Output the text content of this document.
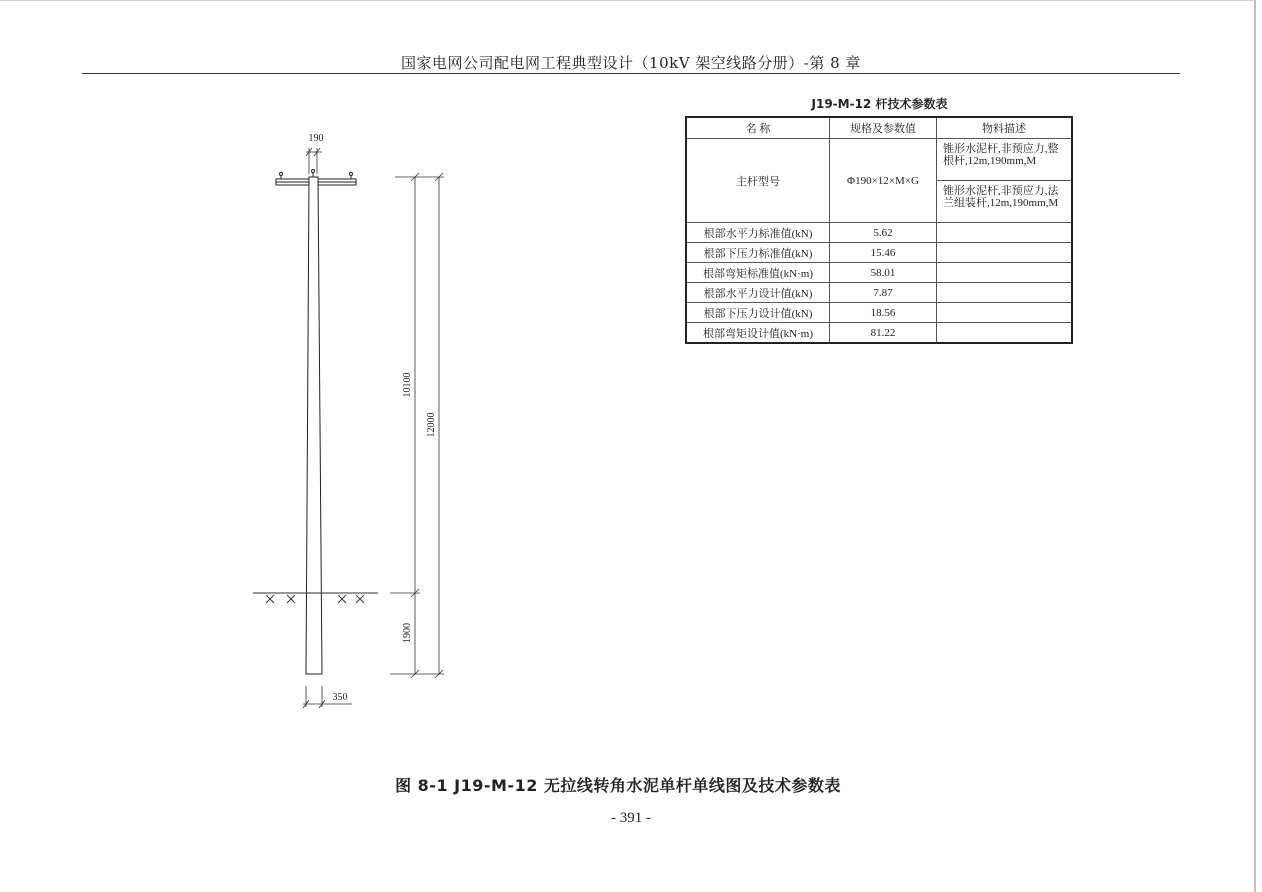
国家电网公司配电网工程典型设计（10kV 架空线路分册）-第 8 章
190
10100
12000
1900
350
J19-M-12 杆技术参数表
名 称	规格及参数值	物料描述
主杆型号	Φ190×12×M×G	锥形水泥杆,非预应力,整根杆,12m,190mm,M
		锥形水泥杆,非预应力,法兰组装杆,12m,190mm,M
根部水平力标准值(kN)	5.62	
根部下压力标准值(kN)	15.46	
根部弯矩标准值(kN·m)	58.01	
根部水平力设计值(kN)	7.87	
根部下压力设计值(kN)	18.56	
根部弯矩设计值(kN·m)	81.22	
图 8-1 J19-M-12 无拉线转角水泥单杆单线图及技术参数表
- 391 -
